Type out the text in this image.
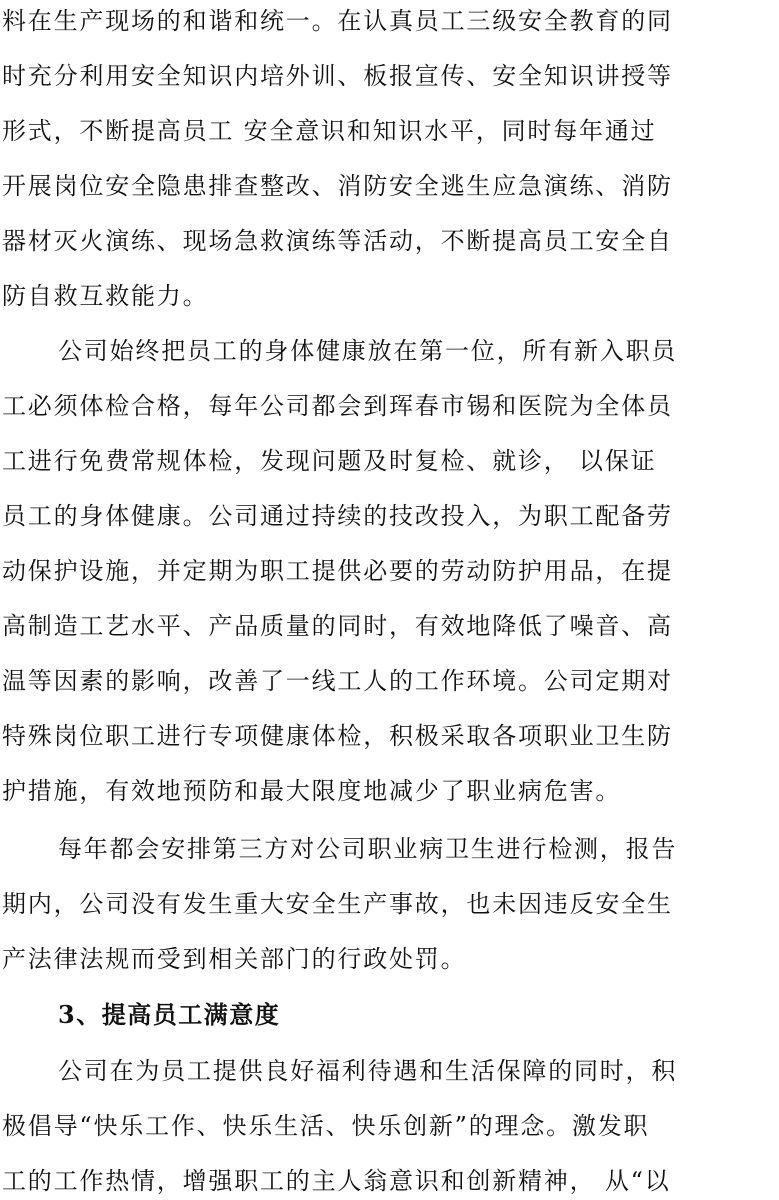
料在生产现场的和谐和统一。在认真员工三级安全教育的同
时充分利用安全知识内培外训、板报宣传、安全知识讲授等
形式，不断提高员工 安全意识和知识水平，同时每年通过
开展岗位安全隐患排查整改、消防安全逃生应急演练、消防
器材灭火演练、现场急救演练等活动，不断提高员工安全自
防自救互救能力。
公司始终把员工的身体健康放在第一位，所有新入职员
工必须体检合格，每年公司都会到珲春市锡和医院为全体员
工进行免费常规体检，发现问题及时复检、就诊， 以保证
员工的身体健康。公司通过持续的技改投入，为职工配备劳
动保护设施，并定期为职工提供必要的劳动防护用品，在提
高制造工艺水平、产品质量的同时，有效地降低了噪音、高
温等因素的影响，改善了一线工人的工作环境。公司定期对
特殊岗位职工进行专项健康体检，积极采取各项职业卫生防
护措施，有效地预防和最大限度地减少了职业病危害。
每年都会安排第三方对公司职业病卫生进行检测，报告
期内，公司没有发生重大安全生产事故，也未因违反安全生
产法律法规而受到相关部门的行政处罚。
3、提高员工满意度
公司在为员工提供良好福利待遇和生活保障的同时，积
极倡导“快乐工作、快乐生活、快乐创新”的理念。激发职
工的工作热情，增强职工的主人翁意识和创新精神， 从“以
